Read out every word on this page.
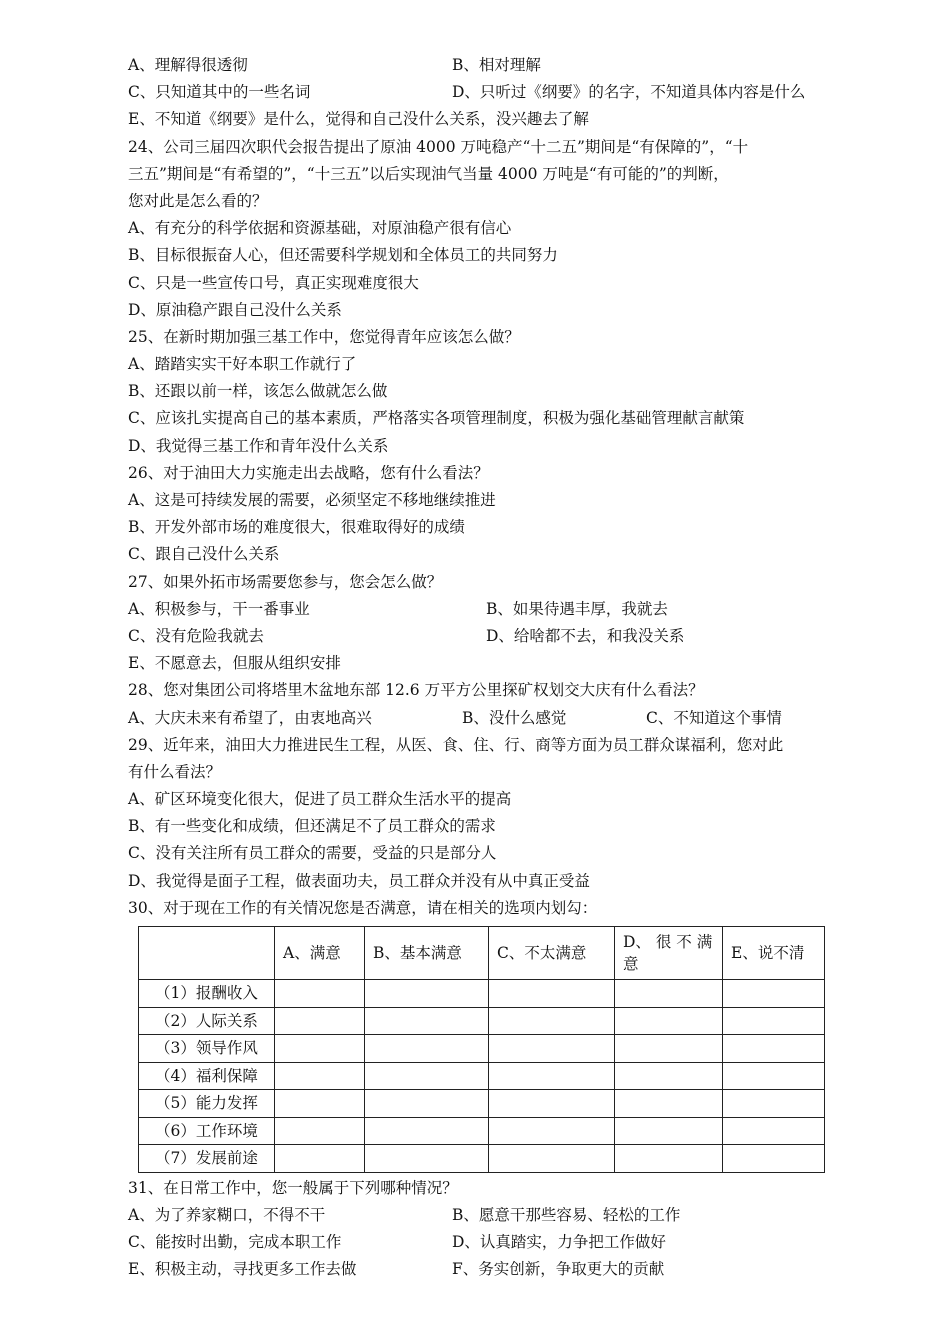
A、理解得很透彻	B、相对理解
C、只知道其中的一些名词	D、只听过《纲要》的名字，不知道具体内容是什么
E、不知道《纲要》是什么，觉得和自己没什么关系，没兴趣去了解
24、公司三届四次职代会报告提出了原油 4000 万吨稳产“十二五”期间是“有保障的”，“十
三五”期间是“有希望的”，“十三五”以后实现油气当量 4000 万吨是“有可能的”的判断，
您对此是怎么看的？
A、有充分的科学依据和资源基础，对原油稳产很有信心
B、目标很振奋人心，但还需要科学规划和全体员工的共同努力
C、只是一些宣传口号，真正实现难度很大
D、原油稳产跟自己没什么关系
25、在新时期加强三基工作中，您觉得青年应该怎么做？
A、踏踏实实干好本职工作就行了
B、还跟以前一样，该怎么做就怎么做
C、应该扎实提高自己的基本素质，严格落实各项管理制度，积极为强化基础管理献言献策
D、我觉得三基工作和青年没什么关系
26、对于油田大力实施走出去战略，您有什么看法？
A、这是可持续发展的需要，必须坚定不移地继续推进
B、开发外部市场的难度很大，很难取得好的成绩
C、跟自己没什么关系
27、如果外拓市场需要您参与，您会怎么做？
A、积极参与，干一番事业	B、如果待遇丰厚，我就去
C、没有危险我就去	D、给啥都不去，和我没关系
E、不愿意去，但服从组织安排
28、您对集团公司将塔里木盆地东部 12.6 万平方公里探矿权划交大庆有什么看法？
A、大庆未来有希望了，由衷地高兴	B、没什么感觉	C、不知道这个事情
29、近年来，油田大力推进民生工程，从医、食、住、行、商等方面为员工群众谋福利，您对此
有什么看法？
A、矿区环境变化很大，促进了员工群众生活水平的提高
B、有一些变化和成绩，但还满足不了员工群众的需求
C、没有关注所有员工群众的需要，受益的只是部分人
D、我觉得是面子工程，做表面功夫，员工群众并没有从中真正受益
30、对于现在工作的有关情况您是否满意，请在相关的选项内划勾：
	A、满意	B、基本满意	C、不太满意	D、 很 不 满 意	E、说不清
（1）报酬收入					
（2）人际关系					
（3）领导作风					
（4）福利保障					
（5）能力发挥					
（6）工作环境					
（7）发展前途					
31、在日常工作中，您一般属于下列哪种情况？
A、为了养家糊口，不得不干	B、愿意干那些容易、轻松的工作
C、能按时出勤，完成本职工作	D、认真踏实，力争把工作做好
E、积极主动，寻找更多工作去做	F、务实创新，争取更大的贡献
